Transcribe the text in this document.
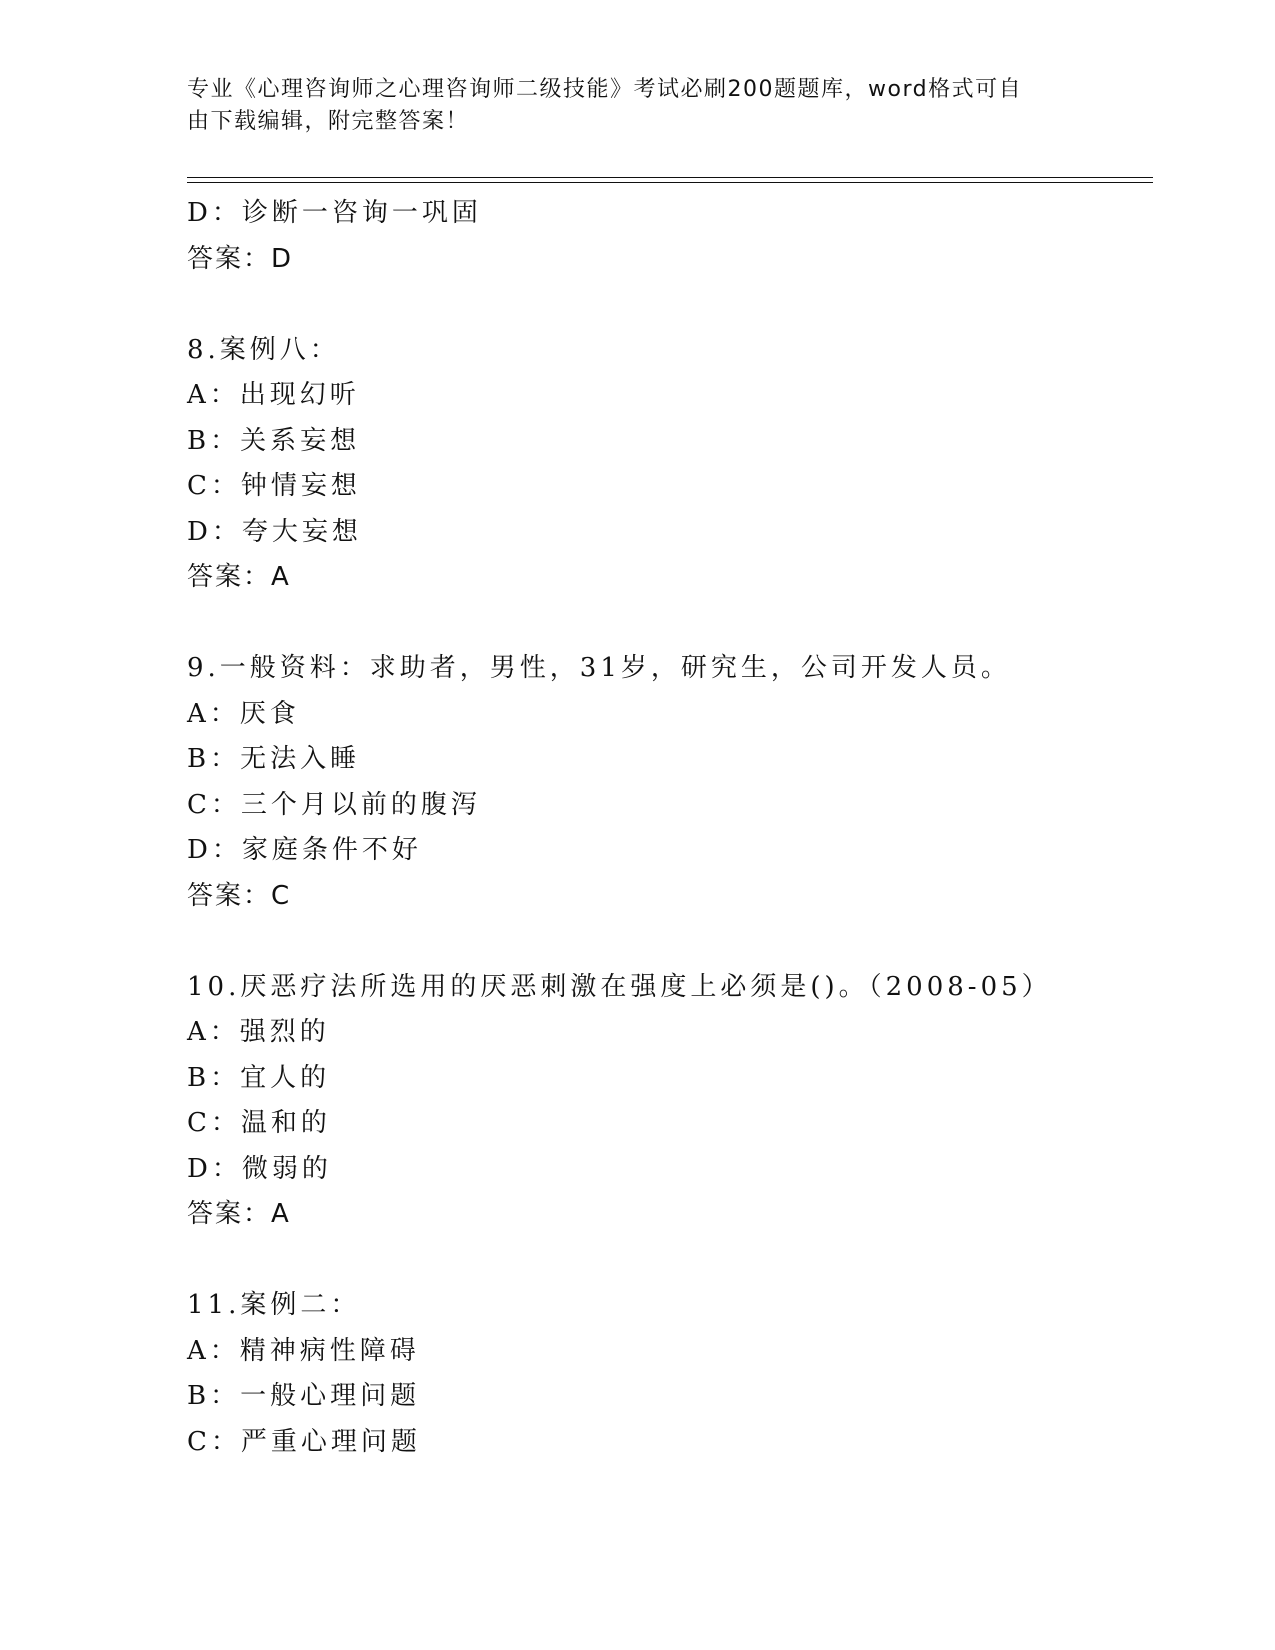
专业《心理咨询师之心理咨询师二级技能》考试必刷200题题库，word格式可自
由下载编辑，附完整答案！
D：诊断一咨询一巩固
答案：D
8.案例八：
A：出现幻听
B：关系妄想
C：钟情妄想
D：夸大妄想
答案：A
9.一般资料：求助者，男性，31岁，研究生，公司开发人员。
A：厌食
B：无法入睡
C：三个月以前的腹泻
D：家庭条件不好
答案：C
10.厌恶疗法所选用的厌恶刺激在强度上必须是()。（2008-05）
A：强烈的
B：宜人的
C：温和的
D：微弱的
答案：A
11.案例二：
A：精神病性障碍
B：一般心理问题
C：严重心理问题
